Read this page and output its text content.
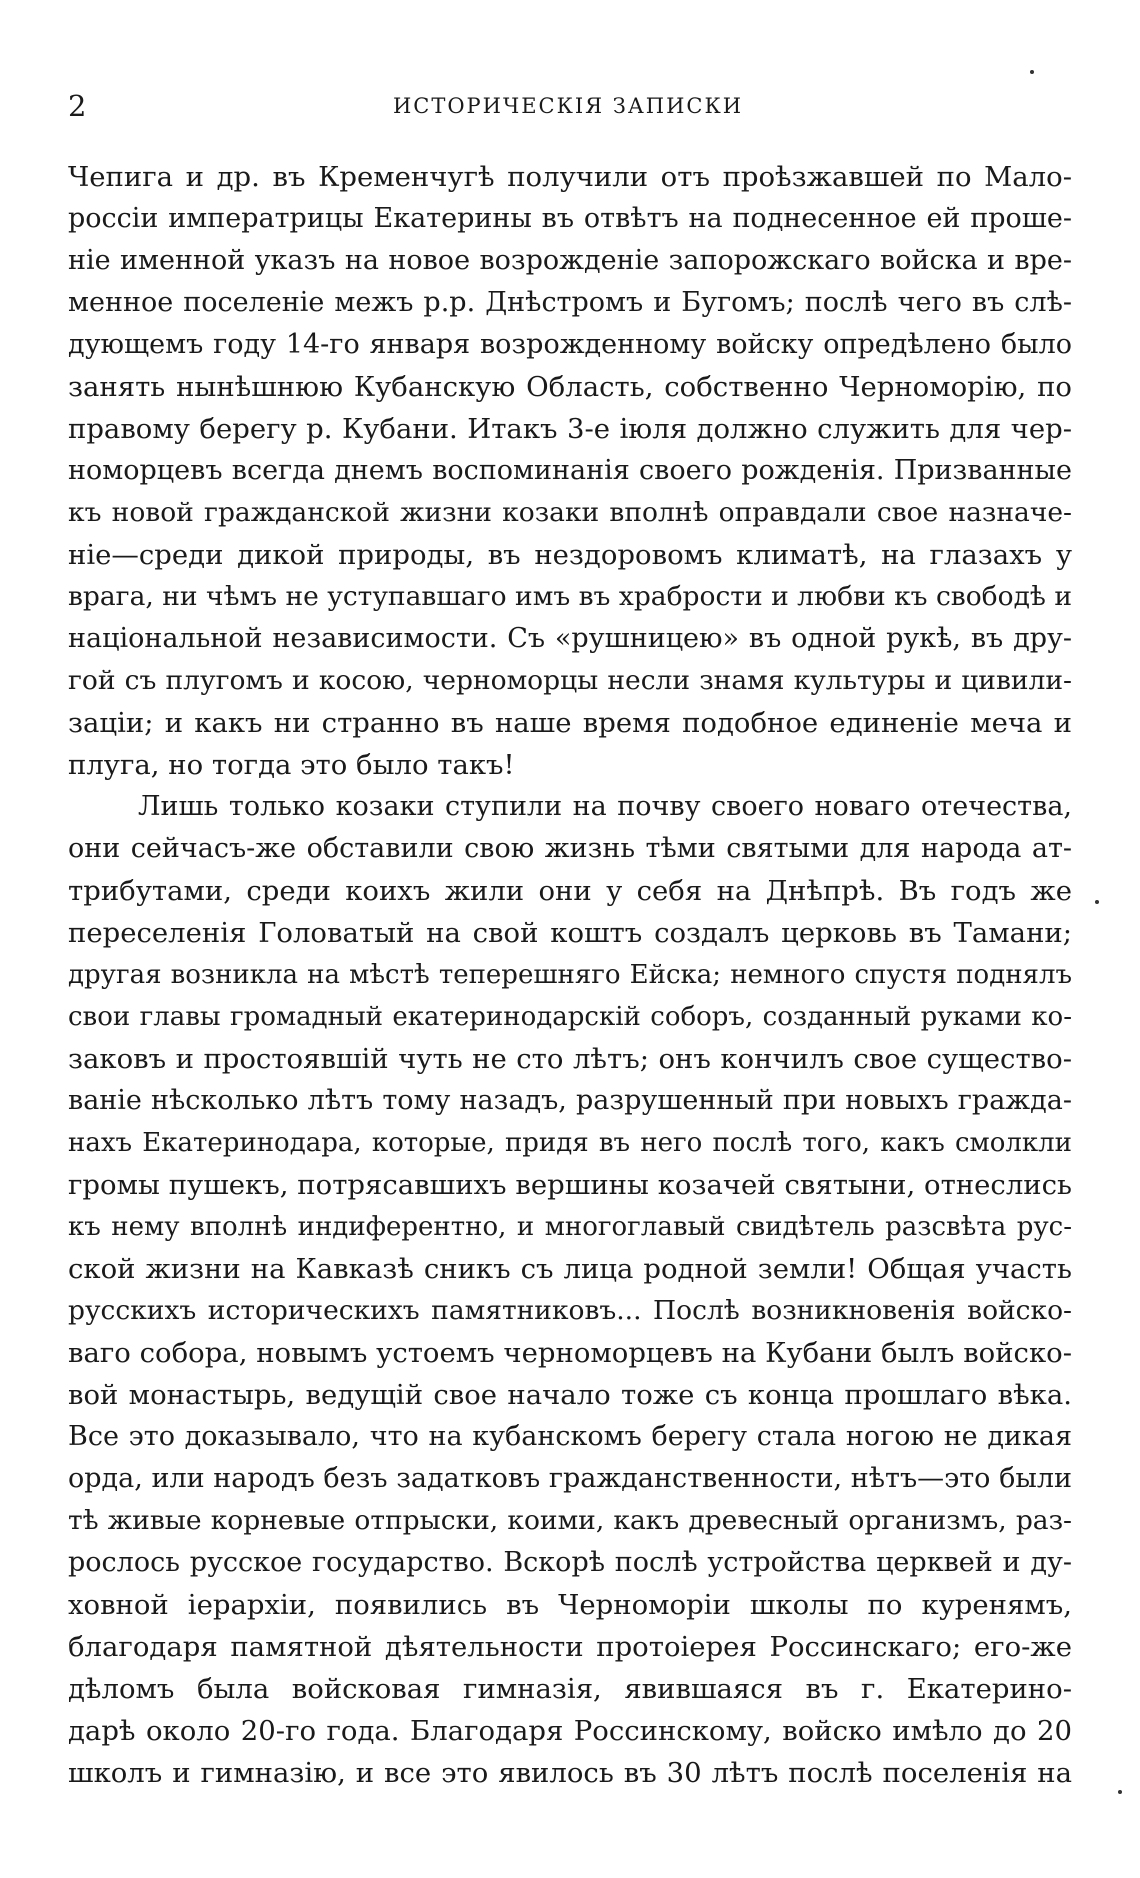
2	ИСТОРИЧЕСКІЯ ЗАПИСКИ
Чепига и др. въ Кременчугѣ получили отъ проѣзжавшей по Мало-
россіи императрицы Екатерины въ отвѣтъ на поднесенное ей проше-
ніе именной указъ на новое возрожденіе запорожскаго войска и вре-
менное поселеніе межъ р.р. Днѣстромъ и Бугомъ; послѣ чего въ слѣ-
дующемъ году 14-го января возрожденному войску опредѣлено было
занять нынѣшнюю Кубанскую Область, собственно Черноморію, по
правому берегу р. Кубани. Итакъ 3-е іюля должно служить для чер-
номорцевъ всегда днемъ воспоминанія своего рожденія. Призванные
къ новой гражданской жизни козаки вполнѣ оправдали свое назначе-
ніе—среди дикой природы, въ нездоровомъ климатѣ, на глазахъ у
врага, ни чѣмъ не уступавшаго имъ въ храбрости и любви къ свободѣ и
національной независимости. Съ «рушницею» въ одной рукѣ, въ дру-
гой съ плугомъ и косою, черноморцы несли знамя культуры и цивили-
заціи; и какъ ни странно въ наше время подобное единеніе меча и
плуга, но тогда это было такъ!
Лишь только козаки ступили на почву своего новаго отечества,
они сейчасъ-же обставили свою жизнь тѣми святыми для народа ат-
трибутами, среди коихъ жили они у себя на Днѣпрѣ. Въ годъ же
переселенія Головатый на свой коштъ создалъ церковь въ Тамани;
другая возникла на мѣстѣ теперешняго Ейска; немного спустя поднялъ
свои главы громадный екатеринодарскій соборъ, созданный руками ко-
заковъ и простоявшій чуть не сто лѣтъ; онъ кончилъ свое существо-
ваніе нѣсколько лѣтъ тому назадъ, разрушенный при новыхъ гражда-
нахъ Екатеринодара, которые, придя въ него послѣ того, какъ смолкли
громы пушекъ, потрясавшихъ вершины козачей святыни, отнеслись
къ нему вполнѣ индиферентно, и многоглавый свидѣтель разсвѣта рус-
ской жизни на Кавказѣ сникъ съ лица родной земли! Общая участь
русскихъ историческихъ памятниковъ... Послѣ возникновенія войско-
ваго собора, новымъ устоемъ черноморцевъ на Кубани былъ войско-
вой монастырь, ведущій свое начало тоже съ конца прошлаго вѣка.
Все это доказывало, что на кубанскомъ берегу стала ногою не дикая
орда, или народъ безъ задатковъ гражданственности, нѣтъ—это были
тѣ живые корневые отпрыски, коими, какъ древесный организмъ, раз-
рослось русское государство. Вскорѣ послѣ устройства церквей и ду-
ховной іерархіи, появились въ Черноморіи школы по куренямъ,
благодаря памятной дѣятельности протоіерея Россинскаго; его-же
дѣломъ была войсковая гимназія, явившаяся въ г. Екатерино-
дарѣ около 20-го года. Благодаря Россинскому, войско имѣло до 20
школъ и гимназію, и все это явилось въ 30 лѣтъ послѣ поселенія на
